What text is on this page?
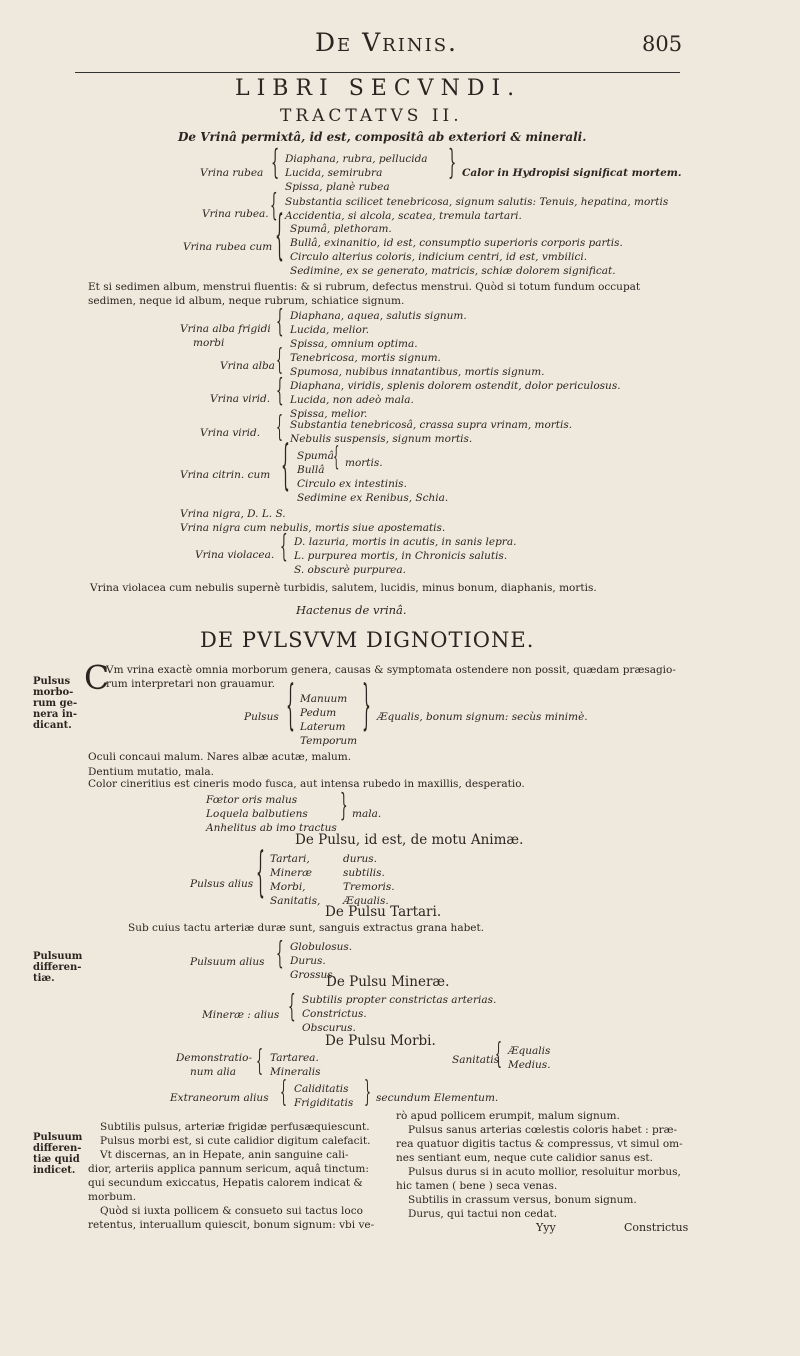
De Vrinis.	805
LIBRI SECVNDI.
TRACTATVS II.
De Vrinâ permixtâ, id est, compositâ ab exteriori & minerali.
Vrina rubea { Diaphana, rubra, pellucida
Lucida, semirubra
Spissa, planè rubea
} Calor in Hydropisi significat mortem.
Vrina rubea. { Substantia scilicet tenebricosa, signum salutis: Tenuis, hepatina, mortis
Accidentia, si alcola, scatea, tremula tartari.
Vrina rubea cum { Spumâ, plethoram.
Bullâ, exinanitio, id est, consumptio superioris corporis partis.
Circulo alterius coloris, indicium centri, id est, vmbilici.
Sedimine, ex se generato, matricis, schiæ dolorem significat.
Et si sedimen album, menstrui fluentis: & si rubrum, defectus menstrui. Quòd si totum fundum occupat
sedimen, neque id album, neque rubrum, schiatice signum.
Vrina alba frigidi
morbi
{ Diaphana, aquea, salutis signum.
Lucida, melior.
Spissa, omnium optima.
Vrina alba { Tenebricosa, mortis signum.
Spumosa, nubibus innatantibus, mortis signum.
Vrina virid. { Diaphana, viridis, splenis dolorem ostendit, dolor periculosus.
Lucida, non adeò mala.
Spissa, melior.
Vrina virid. { Substantia tenebricosâ, crassa supra vrinam, mortis.
Nebulis suspensis, signum mortis.
Vrina citrin. cum { Spumâ
Bullâ
Circulo ex intestinis.
Sedimine ex Renibus, Schia.
{ mortis.
Vrina nigra, D. L. S.
Vrina nigra cum nebulis, mortis siue apostematis.
Vrina violacea. { D. lazuria, mortis in acutis, in sanis lepra.
L. purpurea mortis, in Chronicis salutis.
S. obscurè purpurea.
Vrina violacea cum nebulis supernè turbidis, salutem, lucidis, minus bonum, diaphanis, mortis.
Hactenus de vrinâ.
DE PVLSVVM DIGNOTIONE.
Pulsus
morbo-
rum ge-
nera in-
dicant.
Pulsuum
differen-
tiæ.
Pulsuum
differen-
tiæ quid
indicet.
C
Vm vrina exactè omnia morborum genera, causas & symptomata ostendere non possit, quædam præsagio-
rum interpretari non grauamur.
Pulsus { Manuum
Pedum
Laterum
Temporum
} Æqualis, bonum signum: secùs minimè.
Oculi concaui malum. Nares albæ acutæ, malum.
Dentium mutatio, mala.
Color cineritius est cineris modo fusca, aut intensa rubedo in maxillis, desperatio.
Fœtor oris malus
Loquela balbutiens
Anhelitus ab imo tractus
} mala.
De Pulsu, id est, de motu Animæ.
Pulsus alius { Tartari,
Mineræ
Morbi,
Sanitatis,
durus.
subtilis.
Tremoris.
Æqualis.
De Pulsu Tartari.
Sub cuius tactu arteriæ duræ sunt, sanguis extractus grana habet.
Pulsuum alius { Globulosus.
Durus.
Grossus.
De Pulsu Mineræ.
Mineræ : alius { Subtilis propter constrictas arterias.
Constrictus.
Obscurus.
De Pulsu Morbi.
Demonstratio-
num alia { Tartarea.
Mineralis
Sanitatis
{ Æqualis
Medius.
Extraneorum alius { Caliditatis
Frigiditatis } secundum Elementum.
Subtilis pulsus, arteriæ frigidæ perfusæquiescunt.
Pulsus morbi est, si cute calidior digitum calefacit.
Vt discernas, an in Hepate, anin sanguine cali-
dior, arteriis applica pannum sericum, aquâ tinctum:
qui secundum exiccatus, Hepatis calorem indicat &
morbum.
Quòd si iuxta pollicem & consueto sui tactus loco
retentus, interuallum quiescit, bonum signum: vbi ve-
rò apud pollicem erumpit, malum signum.
Pulsus sanus arterias cœlestis coloris habet : præ-
rea quatuor digitis tactus & compressus, vt simul om-
nes sentiant eum, neque cute calidior sanus est.
Pulsus durus si in acuto mollior, resoluitur morbus,
hic tamen ( bene ) seca venas.
Subtilis in crassum versus, bonum signum.
Durus, qui tactui non cedat.
Yyy	Constrictus
